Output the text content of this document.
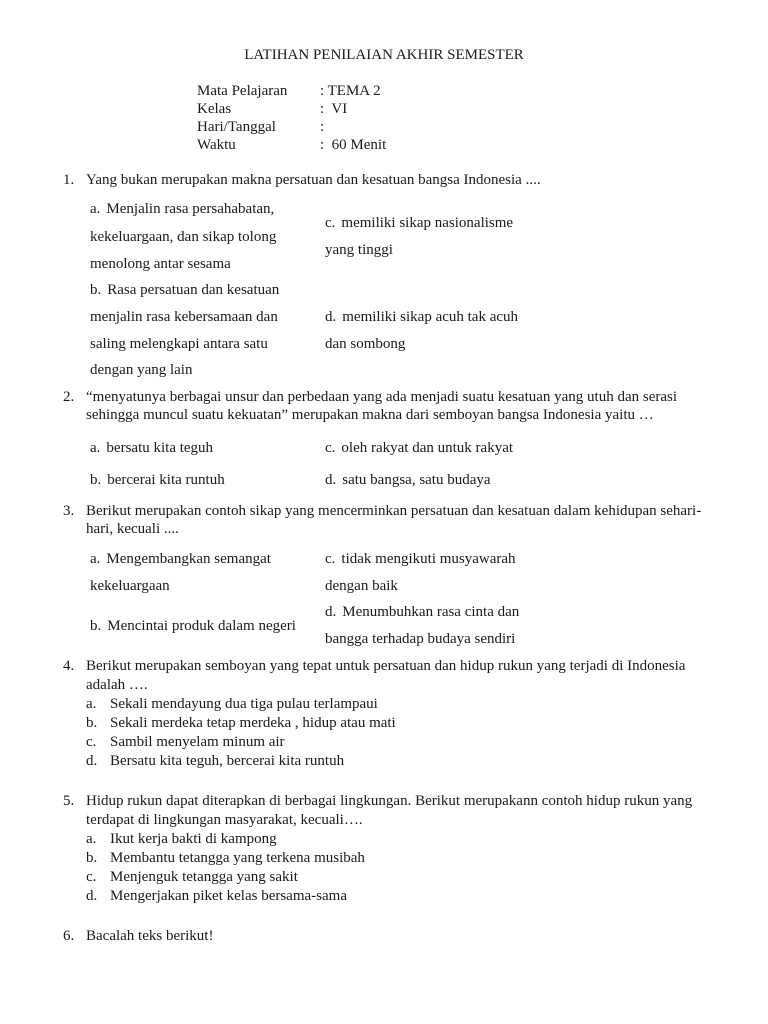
LATIHAN PENILAIAN AKHIR SEMESTER
Mata Pelajaran : TEMA 2
Kelas	:  VI
Hari/Tanggal	:
Waktu	:  60 Menit
1. Yang bukan merupakan makna persatuan dan kesatuan bangsa Indonesia ....
a. Menjalin rasa persahabatan,
kekeluargaan, dan sikap tolong
menolong antar sesama
b. Rasa persatuan dan kesatuan
menjalin rasa kebersamaan dan
saling melengkapi antara satu
dengan yang lain
c. memiliki sikap nasionalisme
yang tinggi
d. memiliki sikap acuh tak acuh
dan sombong
2. “menyatunya berbagai unsur dan perbedaan yang ada menjadi suatu kesatuan yang utuh dan serasi
sehingga muncul suatu kekuatan” merupakan makna dari semboyan bangsa Indonesia yaitu …
a. bersatu kita teguh
b. bercerai kita runtuh
c. oleh rakyat dan untuk rakyat
d. satu bangsa, satu budaya
3. Berikut merupakan contoh sikap yang mencerminkan persatuan dan kesatuan dalam kehidupan sehari-
hari, kecuali ....
a. Mengembangkan semangat
kekeluargaan
b. Mencintai produk dalam negeri
c. tidak mengikuti musyawarah
dengan baik
d. Menumbuhkan rasa cinta dan
bangga terhadap budaya sendiri
4. Berikut merupakan semboyan yang tepat untuk persatuan dan hidup rukun yang terjadi di Indonesia
adalah ….
a. Sekali mendayung dua tiga pulau terlampaui
b. Sekali merdeka tetap merdeka , hidup atau mati
c. Sambil menyelam minum air
d. Bersatu kita teguh, bercerai kita runtuh
5. Hidup rukun dapat diterapkan di berbagai lingkungan. Berikut merupakann contoh hidup rukun yang
terdapat di lingkungan masyarakat, kecuali….
a. Ikut kerja bakti di kampong
b. Membantu tetangga yang terkena musibah
c. Menjenguk tetangga yang sakit
d. Mengerjakan piket kelas bersama-sama
6. Bacalah teks berikut!
